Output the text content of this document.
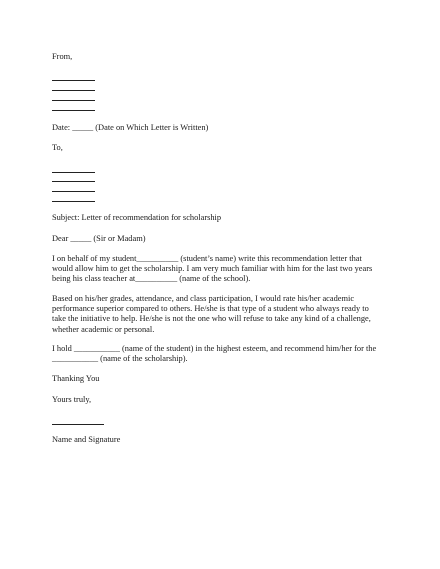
From,
Date: _____ (Date on Which Letter is Written)
To,
Subject: Letter of recommendation for scholarship
Dear _____ (Sir or Madam)
I on behalf of my student__________ (student’s name) write this recommendation letter that
would allow him to get the scholarship. I am very much familiar with him for the last two years
being his class teacher at__________ (name of the school).
Based on his/her grades, attendance, and class participation, I would rate his/her academic
performance superior compared to others. He/she is that type of a student who always ready to
take the initiative to help. He/she is not the one who will refuse to take any kind of a challenge,
whether academic or personal.
I hold ___________ (name of the student) in the highest esteem, and recommend him/her for the
___________ (name of the scholarship).
Thanking You
Yours truly,
Name and Signature
